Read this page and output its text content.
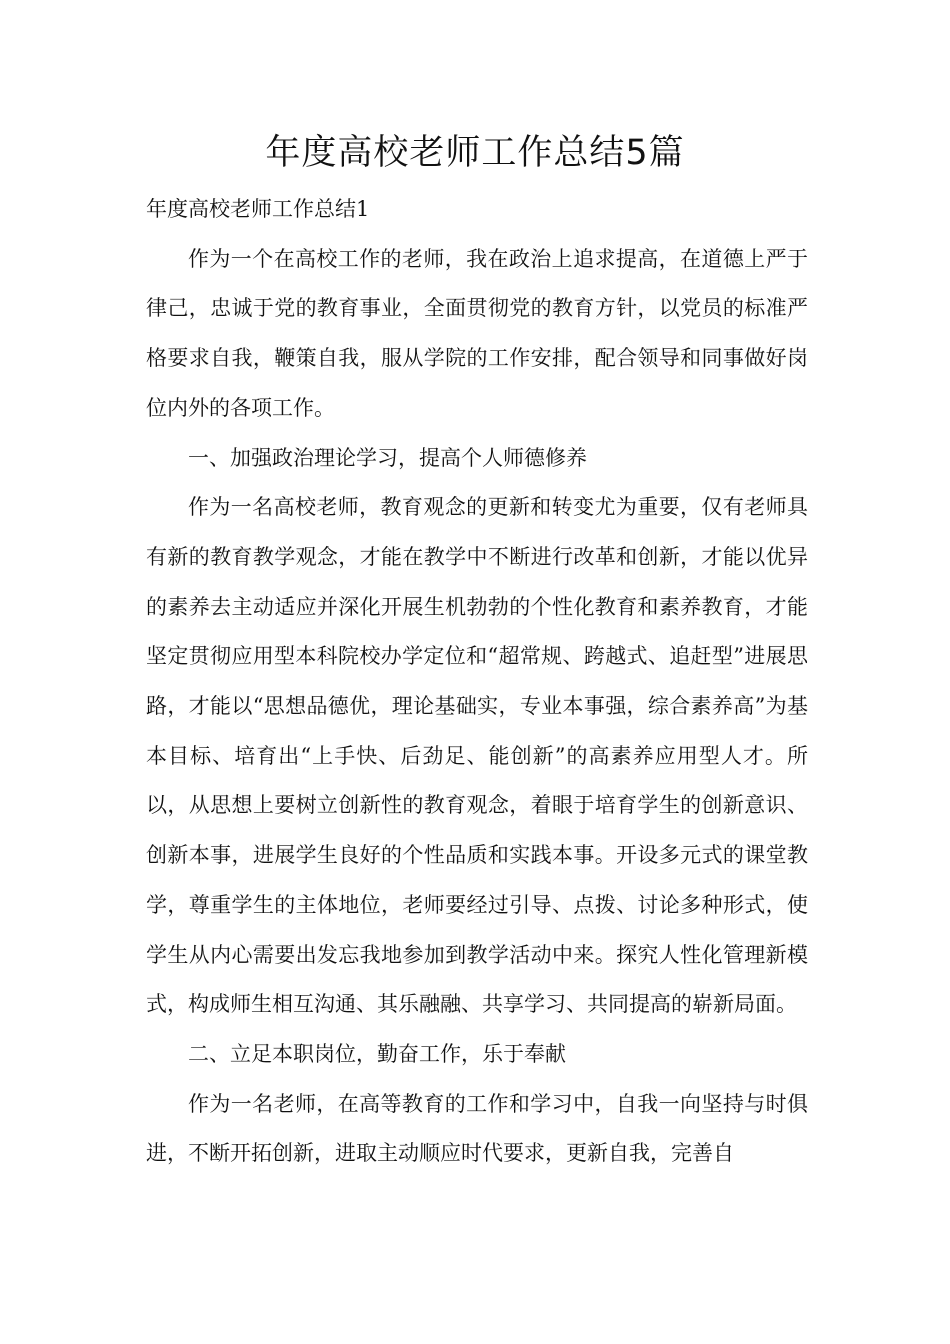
年度高校老师工作总结5篇

年度高校老师工作总结1

作为一个在高校工作的老师，我在政治上追求提高，在道德上严于律己，忠诚于党的教育事业，全面贯彻党的教育方针，以党员的标准严格要求自我，鞭策自我，服从学院的工作安排，配合领导和同事做好岗位内外的各项工作。

一、加强政治理论学习，提高个人师德修养

作为一名高校老师，教育观念的更新和转变尤为重要，仅有老师具有新的教育教学观念，才能在教学中不断进行改革和创新，才能以优异的素养去主动适应并深化开展生机勃勃的个性化教育和素养教育，才能坚定贯彻应用型本科院校办学定位和“超常规、跨越式、追赶型”进展思路，才能以“思想品德优，理论基础实，专业本事强，综合素养高”为基本目标、培育出“上手快、后劲足、能创新”的高素养应用型人才。所以，从思想上要树立创新性的教育观念，着眼于培育学生的创新意识、创新本事，进展学生良好的个性品质和实践本事。开设多元式的课堂教学，尊重学生的主体地位，老师要经过引导、点拨、讨论多种形式，使学生从内心需要出发忘我地参加到教学活动中来。探究人性化管理新模式，构成师生相互沟通、其乐融融、共享学习、共同提高的崭新局面。

二、立足本职岗位，勤奋工作，乐于奉献

作为一名老师，在高等教育的工作和学习中，自我一向坚持与时俱进，不断开拓创新，进取主动顺应时代要求，更新自我，完善自
